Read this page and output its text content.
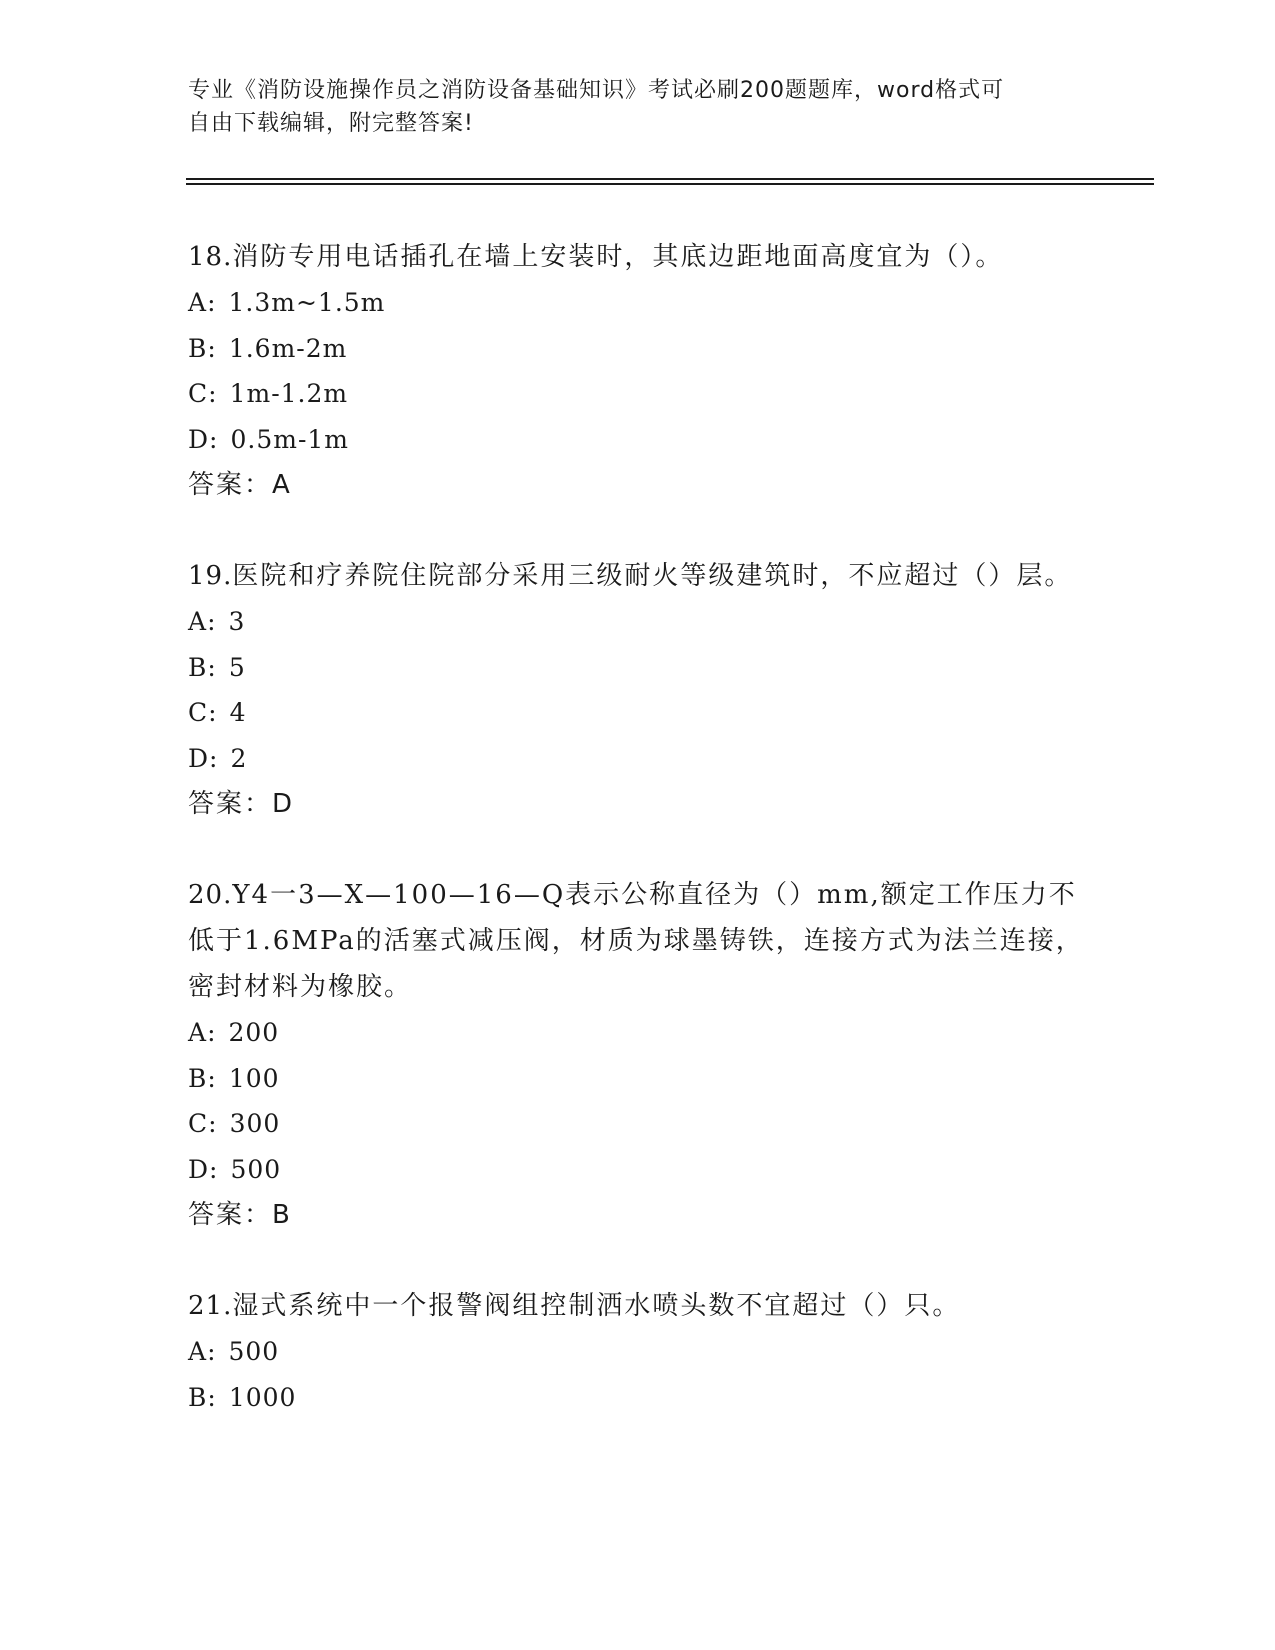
专业《消防设施操作员之消防设备基础知识》考试必刷200题题库，word格式可
自由下载编辑，附完整答案!

18.消防专用电话插孔在墙上安装时，其底边距地面高度宜为（）。

A: 1.3m~1.5m
B: 1.6m-2m
C: 1m-1.2m
D: 0.5m-1m
答案：A

19.医院和疗养院住院部分采用三级耐火等级建筑时，不应超过（）层。

A: 3
B: 5
C: 4
D: 2
答案：D

20.Y4一3—X—100—16—Q表示公称直径为（）mm,额定工作压力不低于1.6MPa的活塞式减压阀，材质为球墨铸铁，连接方式为法兰连接，密封材料为橡胶。

A: 200
B: 100
C: 300
D: 500
答案：B

21.湿式系统中一个报警阀组控制洒水喷头数不宜超过（）只。

A: 500
B: 1000
